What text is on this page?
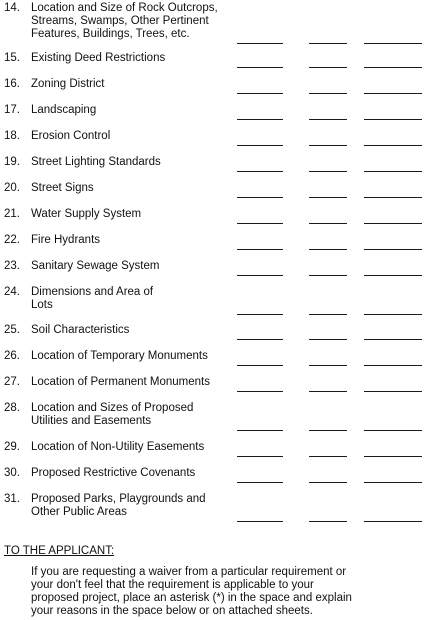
14. Location and Size of Rock Outcrops,
Streams, Swamps, Other Pertinent
Features, Buildings, Trees, etc.
15. Existing Deed Restrictions
16. Zoning District
17. Landscaping
18. Erosion Control
19. Street Lighting Standards
20. Street Signs
21. Water Supply System
22. Fire Hydrants
23. Sanitary Sewage System
24. Dimensions and Area of
Lots
25. Soil Characteristics
26. Location of Temporary Monuments
27. Location of Permanent Monuments
28. Location and Sizes of Proposed
Utilities and Easements
29. Location of Non-Utility Easements
30. Proposed Restrictive Covenants
31. Proposed Parks, Playgrounds and
Other Public Areas
TO THE APPLICANT:
If you are requesting a waiver from a particular requirement or
your don't feel that the requirement is applicable to your
proposed project, place an asterisk (*) in the space and explain
your reasons in the space below or on attached sheets.
